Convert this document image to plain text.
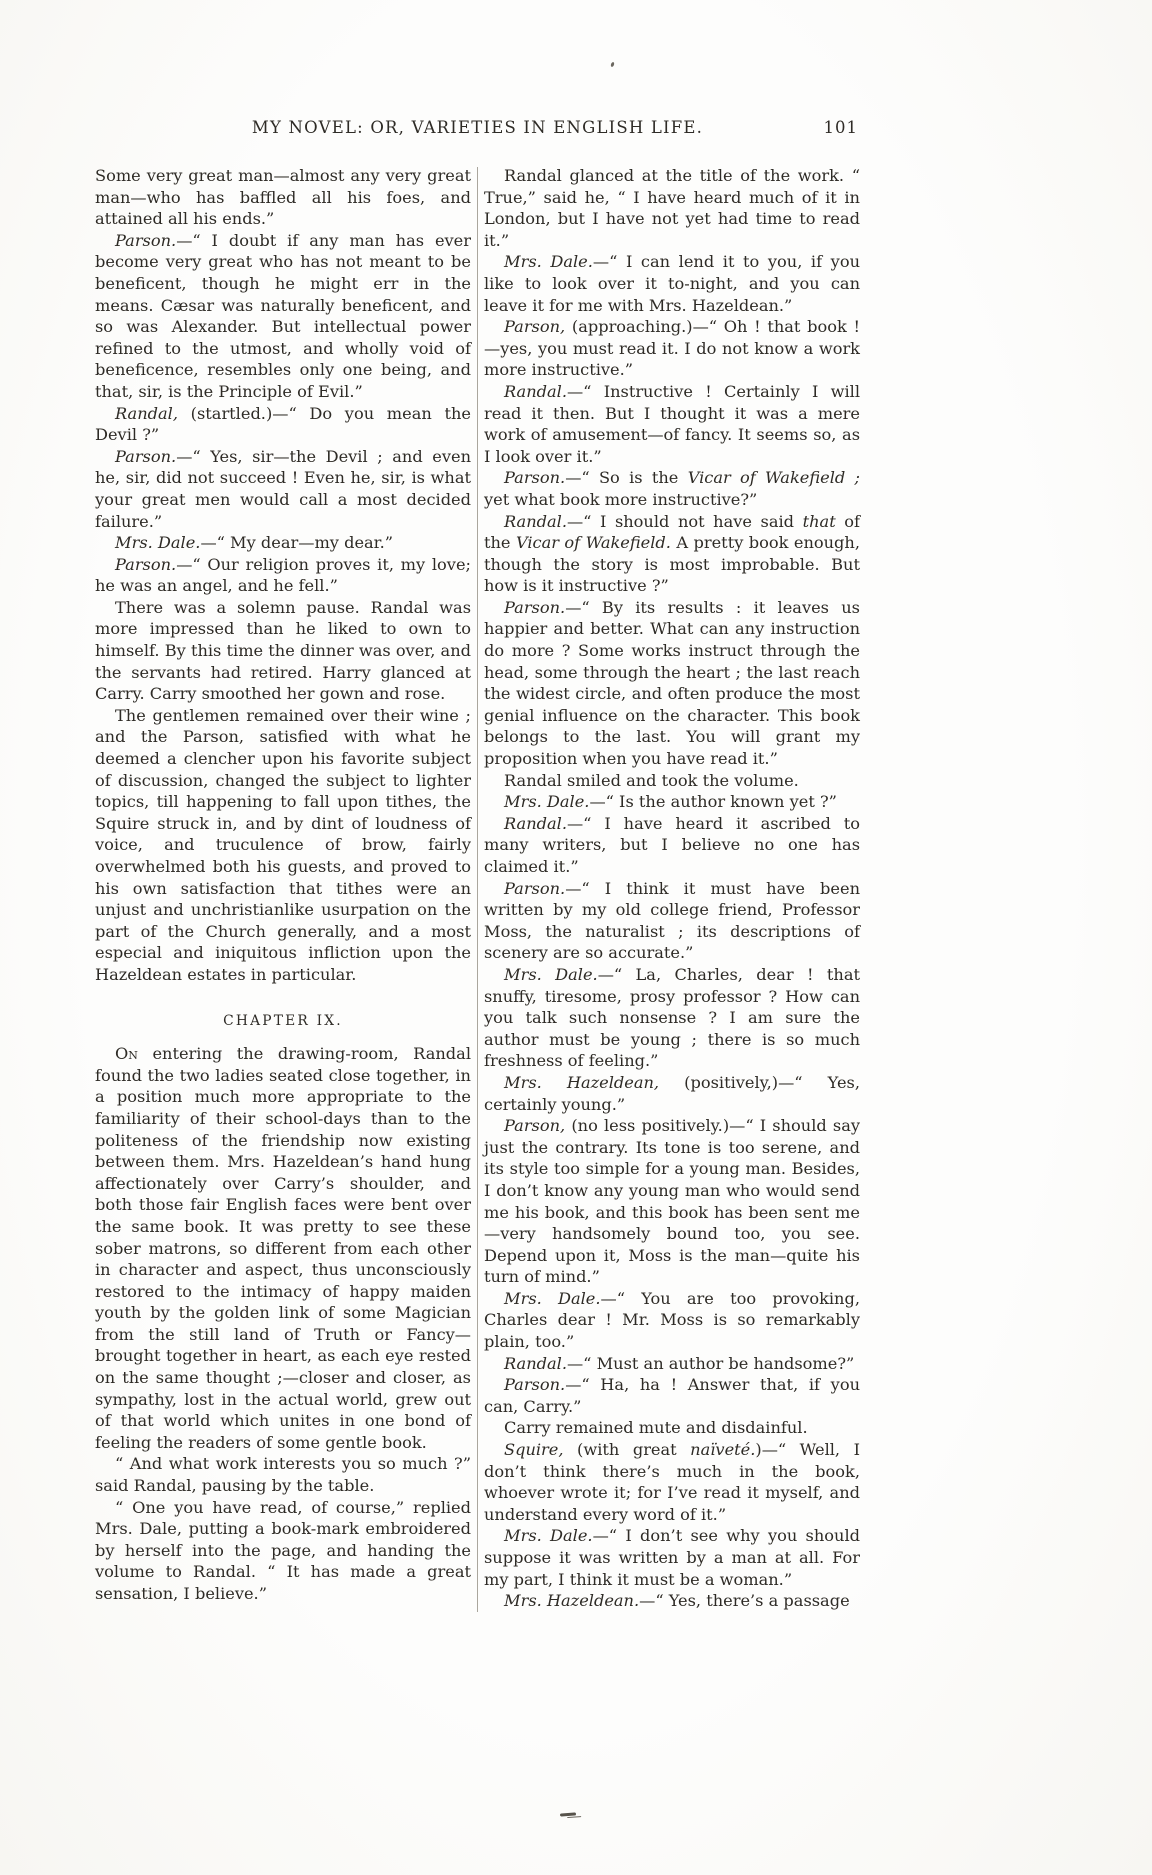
MY NOVEL: OR, VARIETIES IN ENGLISH LIFE.	101

Some very great man—almost any very great man—who has baffled all his foes, and attained all his ends.”

Parson.—“ I doubt if any man has ever become very great who has not meant to be beneficent, though he might err in the means. Cæsar was naturally beneficent, and so was Alexander. But intellectual power refined to the utmost, and wholly void of beneficence, resembles only one being, and that, sir, is the Principle of Evil.”

Randal, (startled.)—“ Do you mean the Devil ?”

Parson.—“ Yes, sir—the Devil ; and even he, sir, did not succeed ! Even he, sir, is what your great men would call a most decided failure.”

Mrs. Dale.—“ My dear—my dear.”

Parson.—“ Our religion proves it, my love; he was an angel, and he fell.”

There was a solemn pause. Randal was more impressed than he liked to own to himself. By this time the dinner was over, and the servants had retired. Harry glanced at Carry. Carry smoothed her gown and rose.

The gentlemen remained over their wine ; and the Parson, satisfied with what he deemed a clencher upon his favorite subject of discussion, changed the subject to lighter topics, till happening to fall upon tithes, the Squire struck in, and by dint of loudness of voice, and truculence of brow, fairly overwhelmed both his guests, and proved to his own satisfaction that tithes were an unjust and unchristianlike usurpation on the part of the Church generally, and a most especial and iniquitous infliction upon the Hazeldean estates in particular.

CHAPTER IX.

On entering the drawing-room, Randal found the two ladies seated close together, in a position much more appropriate to the familiarity of their school-days than to the politeness of the friendship now existing between them. Mrs. Hazeldean’s hand hung affectionately over Carry’s shoulder, and both those fair English faces were bent over the same book. It was pretty to see these sober matrons, so different from each other in character and aspect, thus unconsciously restored to the intimacy of happy maiden youth by the golden link of some Magician from the still land of Truth or Fancy—brought together in heart, as each eye rested on the same thought ;—closer and closer, as sympathy, lost in the actual world, grew out of that world which unites in one bond of feeling the readers of some gentle book.

“ And what work interests you so much ?” said Randal, pausing by the table.

“ One you have read, of course,” replied Mrs. Dale, putting a book-mark embroidered by herself into the page, and handing the volume to Randal. “ It has made a great sensation, I believe.”

Randal glanced at the title of the work. “ True,” said he, “ I have heard much of it in London, but I have not yet had time to read it.”

Mrs. Dale.—“ I can lend it to you, if you like to look over it to-night, and you can leave it for me with Mrs. Hazeldean.”

Parson, (approaching.)—“ Oh ! that book ! —yes, you must read it. I do not know a work more instructive.”

Randal.—“ Instructive ! Certainly I will read it then. But I thought it was a mere work of amusement—of fancy. It seems so, as I look over it.”

Parson.—“ So is the Vicar of Wakefield ; yet what book more instructive?”

Randal.—“ I should not have said that of the Vicar of Wakefield. A pretty book enough, though the story is most improbable. But how is it instructive ?”

Parson.—“ By its results : it leaves us happier and better. What can any instruction do more ? Some works instruct through the head, some through the heart ; the last reach the widest circle, and often produce the most genial influence on the character. This book belongs to the last. You will grant my proposition when you have read it.”

Randal smiled and took the volume.

Mrs. Dale.—“ Is the author known yet ?”

Randal.—“ I have heard it ascribed to many writers, but I believe no one has claimed it.”

Parson.—“ I think it must have been written by my old college friend, Professor Moss, the naturalist ; its descriptions of scenery are so accurate.”

Mrs. Dale.—“ La, Charles, dear ! that snuffy, tiresome, prosy professor ? How can you talk such nonsense ? I am sure the author must be young ; there is so much freshness of feeling.”

Mrs. Hazeldean, (positively,)—“ Yes, certainly young.”

Parson, (no less positively.)—“ I should say just the contrary. Its tone is too serene, and its style too simple for a young man. Besides, I don’t know any young man who would send me his book, and this book has been sent me—very handsomely bound too, you see. Depend upon it, Moss is the man—quite his turn of mind.”

Mrs. Dale.—“ You are too provoking, Charles dear ! Mr. Moss is so remarkably plain, too.”

Randal.—“ Must an author be handsome?”

Parson.—“ Ha, ha ! Answer that, if you can, Carry.”

Carry remained mute and disdainful.

Squire, (with great naïveté.)—“ Well, I don’t think there’s much in the book, whoever wrote it; for I’ve read it myself, and understand every word of it.”

Mrs. Dale.—“ I don’t see why you should suppose it was written by a man at all. For my part, I think it must be a woman.”

Mrs. Hazeldean.—“ Yes, there’s a passage
